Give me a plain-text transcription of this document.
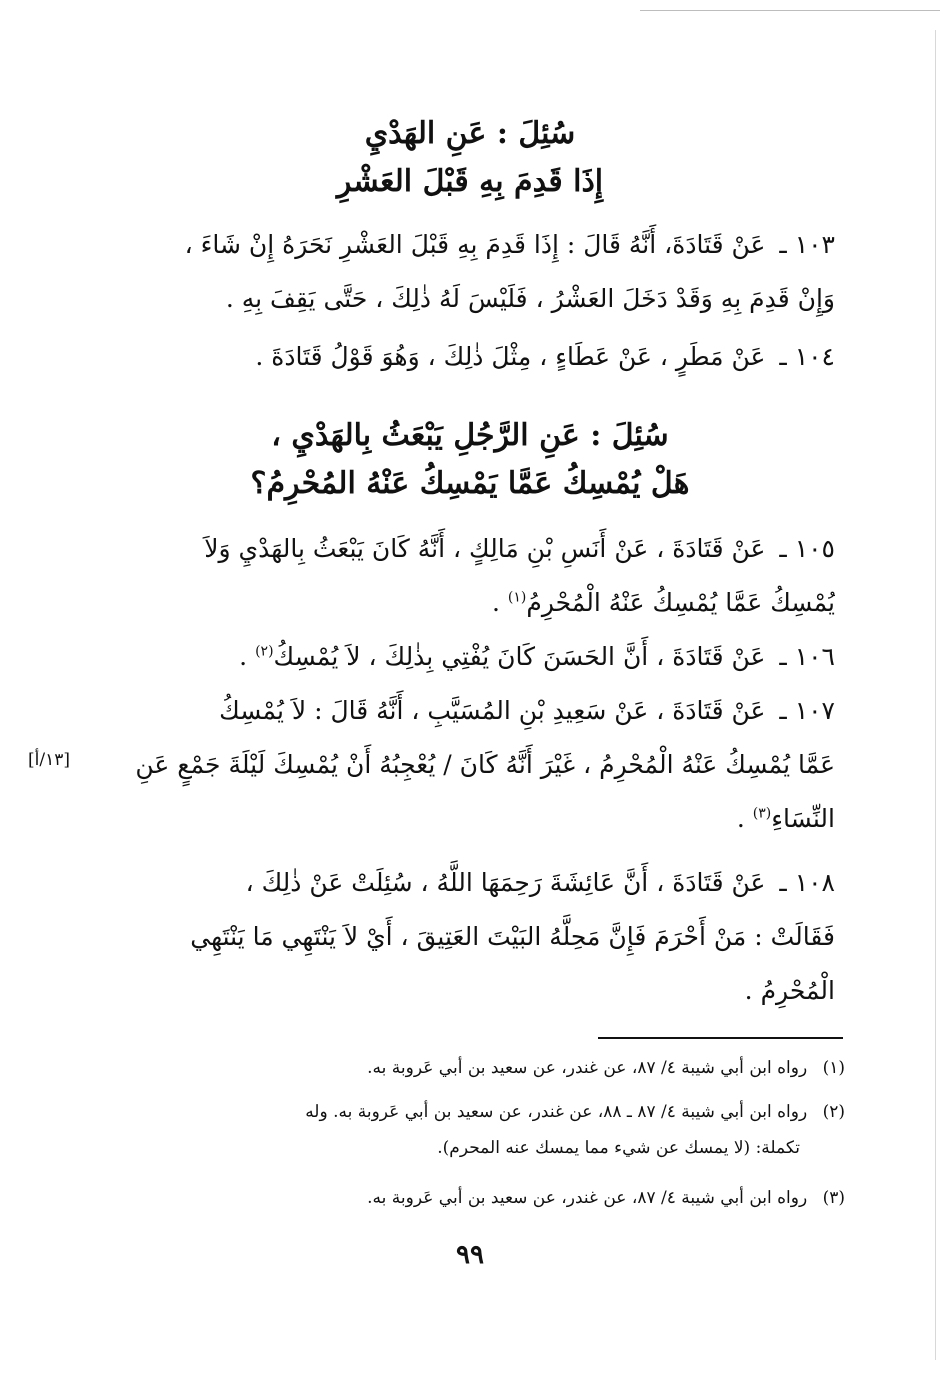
سُئِلَ : عَنِ الهَدْيِ
إِذَا قَدِمَ بِهِ قَبْلَ العَشْرِ
١٠٣ ـ عَنْ قَتَادَةَ، أَنَّهُ قَالَ : إِذَا قَدِمَ بِهِ قَبْلَ العَشْرِ نَحَرَهُ إِنْ شَاءَ ،
وَإِنْ قَدِمَ بِهِ وَقَدْ دَخَلَ العَشْرُ ، فَلَيْسَ لَهُ ذٰلِكَ ، حَتَّى يَقِفَ بِهِ .
١٠٤ ـ عَنْ مَطَرٍ ، عَنْ عَطَاءٍ ، مِثْلَ ذٰلِكَ ، وَهُوَ قَوْلُ قَتَادَةَ .
سُئِلَ : عَنِ الرَّجُلِ يَبْعَثُ بِالهَدْيِ ،
هَلْ يُمْسِكُ عَمَّا يَمْسِكُ عَنْهُ المُحْرِمُ؟
١٠٥ ـ عَنْ قَتَادَةَ ، عَنْ أَنَسِ بْنِ مَالِكٍ ، أَنَّهُ كَانَ يَبْعَثُ بِالهَدْيِ وَلاَ
يُمْسِكُ عَمَّا يُمْسِكُ عَنْهُ الْمُحْرِمُ$^{(١)}$ .
١٠٦ ـ عَنْ قَتَادَةَ ، أَنَّ الحَسَنَ كَانَ يُفْتِي بِذٰلِكَ ، لاَ يُمْسِكُ$^{(٢)}$ .
١٠٧ ـ عَنْ قَتَادَةَ ، عَنْ سَعِيدِ بْنِ المُسَيَّبِ ، أَنَّهُ قَالَ : لاَ يُمْسِكُ
عَمَّا يُمْسِكُ عَنْهُ الْمُحْرِمُ ، غَيْرَ أَنَّهُ كَانَ / يُعْجِبُهُ أَنْ يُمْسِكَ لَيْلَةَ جَمْعٍ عَنِ
النِّسَاءِ$^{(٣)}$ .
[١٣/أ]
١٠٨ ـ عَنْ قَتَادَةَ ، أَنَّ عَائِشَةَ رَحِمَهَا اللَّهُ ، سُئِلَتْ عَنْ ذٰلِكَ ،
فَقَالَتْ : مَنْ أَحْرَمَ فَإِنَّ مَحِلَّهُ البَيْتَ العَتِيقَ ، أَيْ لاَ يَنْتَهِي مَا يَنْتَهِي
الْمُحْرِمُ .
(١) رواه ابن أبي شيبة ٤/ ٨٧، عن غندر، عن سعيد بن أبي عَروبة به.
(٢) رواه ابن أبي شيبة ٤/ ٨٧ ـ ٨٨، عن غندر، عن سعيد بن أبي عَروبة به. وله
تكملة: (لا يمسك عن شيء مما يمسك عنه المحرم).
(٣) رواه ابن أبي شيبة ٤/ ٨٧، عن غندر، عن سعيد بن أبي عَروبة به.
٩٩
